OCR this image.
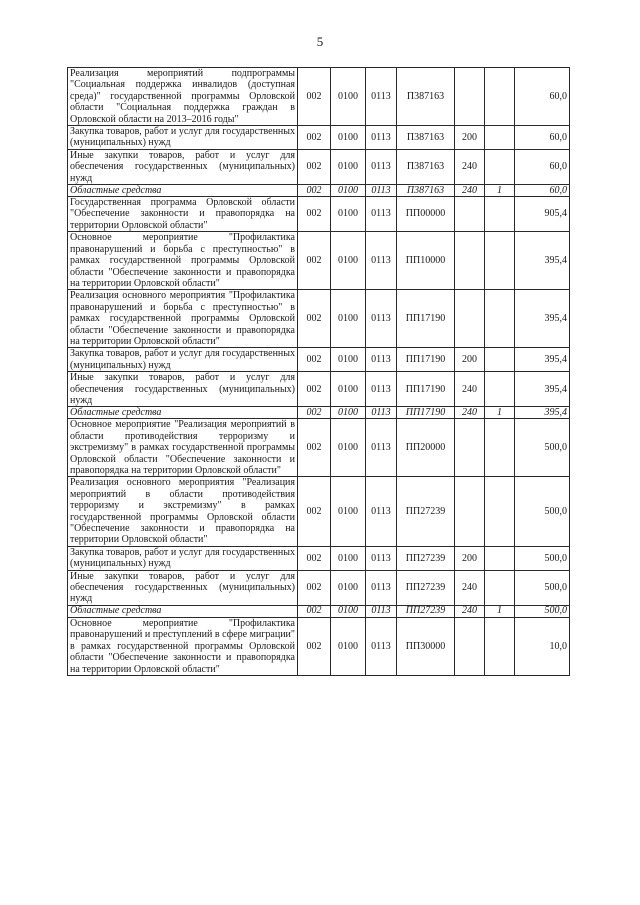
5
Реализация мероприятий подпрограммы "Социальная поддержка инвалидов (доступная среда)" государственной программы Орловской области "Социальная поддержка граждан в Орловской области на 2013–2016 годы"	002	0100	0113	П387163			60,0
Закупка товаров, работ и услуг для государственных (муниципальных) нужд	002	0100	0113	П387163	200		60,0
Иные закупки товаров, работ и услуг для обеспечения государственных (муниципальных) нужд	002	0100	0113	П387163	240		60,0
Областные средства	002	0100	0113	П387163	240	1	60,0
Государственная программа Орловской области "Обеспечение законности и правопорядка на территории Орловской области"	002	0100	0113	ПП00000			905,4
Основное мероприятие "Профилактика правонарушений и борьба с преступностью" в рамках государственной программы Орловской области "Обеспечение законности и правопорядка на территории Орловской области"	002	0100	0113	ПП10000			395,4
Реализация основного мероприятия "Профилактика правонарушений и борьба с преступностью" в рамках государственной программы Орловской области "Обеспечение законности и правопорядка на территории Орловской области"	002	0100	0113	ПП17190			395,4
Закупка товаров, работ и услуг для государственных (муниципальных) нужд	002	0100	0113	ПП17190	200		395,4
Иные закупки товаров, работ и услуг для обеспечения государственных (муниципальных) нужд	002	0100	0113	ПП17190	240		395,4
Областные средства	002	0100	0113	ПП17190	240	1	395,4
Основное мероприятие "Реализация мероприятий в области противодействия терроризму и экстремизму" в рамках государственной программы Орловской области "Обеспечение законности и правопорядка на территории Орловской области"	002	0100	0113	ПП20000			500,0
Реализация основного мероприятия "Реализация мероприятий в области противодействия терроризму и экстремизму" в рамках государственной программы Орловской области "Обеспечение законности и правопорядка на территории Орловской области"	002	0100	0113	ПП27239			500,0
Закупка товаров, работ и услуг для государственных (муниципальных) нужд	002	0100	0113	ПП27239	200		500,0
Иные закупки товаров, работ и услуг для обеспечения государственных (муниципальных) нужд	002	0100	0113	ПП27239	240		500,0
Областные средства	002	0100	0113	ПП27239	240	1	500,0
Основное мероприятие "Профилактика правонарушений и преступлений в сфере миграции" в рамках государственной программы Орловской области "Обеспечение законности и правопорядка на территории Орловской области"	002	0100	0113	ПП30000			10,0
